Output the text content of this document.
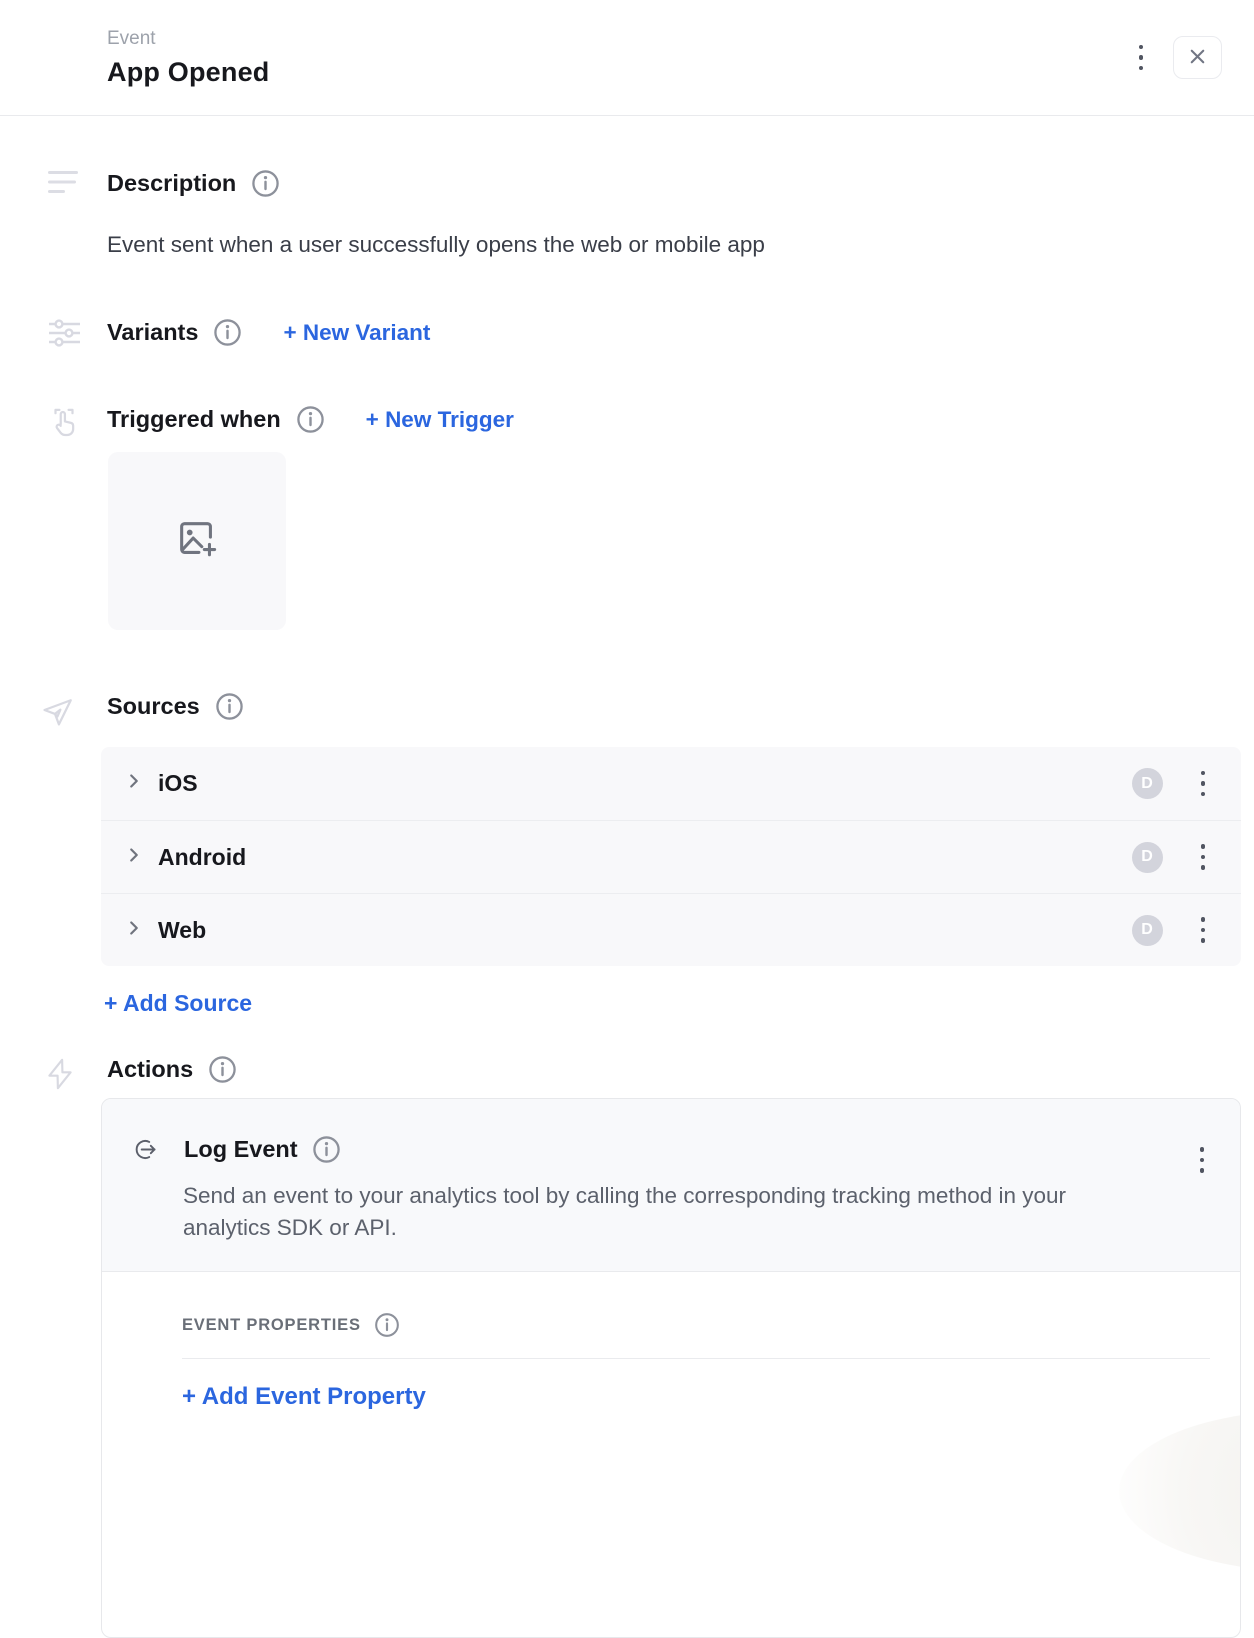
Event
App Opened
Description
Event sent when a user successfully opens the web or mobile app
Variants	+ New Variant
Triggered when	+ New Trigger
Sources
iOS	D
Android	D
Web	D
+ Add Source
Actions
Log Event
Send an event to your analytics tool by calling the corresponding tracking method in your analytics SDK or API.
EVENT PROPERTIES
+ Add Event Property
